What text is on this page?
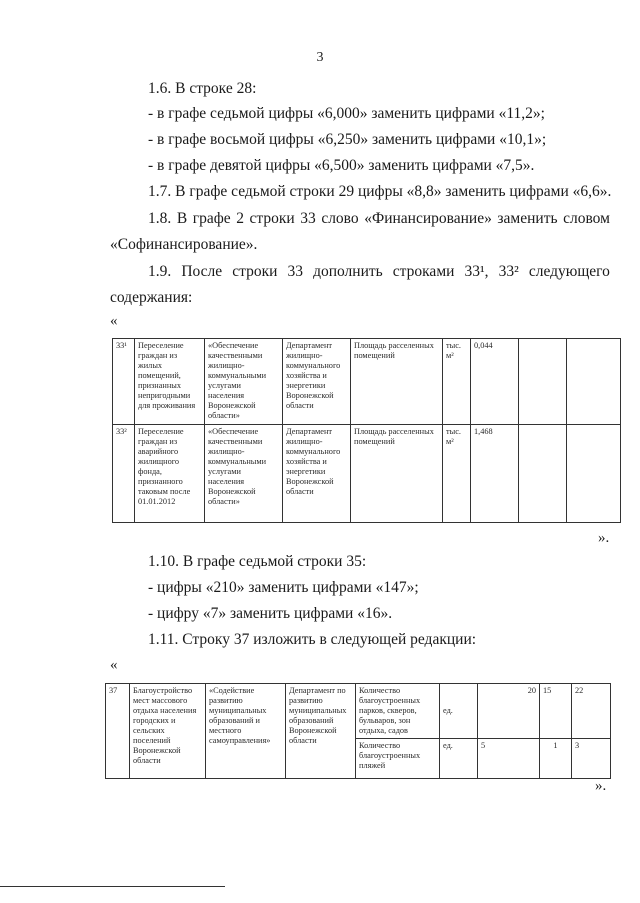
3
1.6. В строке 28:
- в графе седьмой цифры «6,000» заменить цифрами «11,2»;
- в графе восьмой цифры «6,250» заменить цифрами «10,1»;
- в графе девятой цифры «6,500» заменить цифрами «7,5».
1.7. В графе седьмой строки 29 цифры «8,8» заменить цифрами «6,6».
1.8. В графе 2 строки 33 слово «Финансирование» заменить словом
«Софинансирование».
1.9. После строки 33 дополнить строками 33¹, 33² следующего
содержания:
«
33¹	Переселение граждан из жилых помещений, признанных непригодными для проживания	«Обеспечение качественными жилищно-коммунальными услугами населения Воронежской области»	Департамент жилищно-коммунального хозяйства и энергетики Воронежской области	Площадь расселенных помещений	тыс. м²	0,044		
33²	Переселение граждан из аварийного жилищного фонда, признанного таковым после 01.01.2012	«Обеспечение качественными жилищно-коммунальными услугами населения Воронежской области»	Департамент жилищно-коммунального хозяйства и энергетики Воронежской области	Площадь расселенных помещений	тыс. м²	1,468		
».
1.10. В графе седьмой строки 35:
- цифры «210» заменить цифрами «147»;
- цифру «7» заменить цифрами «16».
1.11. Строку 37 изложить в следующей редакции:
«
37	Благоустройство мест массового отдыха населения городских и сельских поселений Воронежской области	«Содействие развитию муниципальных образований и местного самоуправления»	Департамент по развитию муниципальных образований Воронежской области	Количество благоустроенных парков, скверов, бульваров, зон отдыха, садов	ед.	20	15	22
				Количество благоустроенных пляжей	ед.	5	1	3
».
